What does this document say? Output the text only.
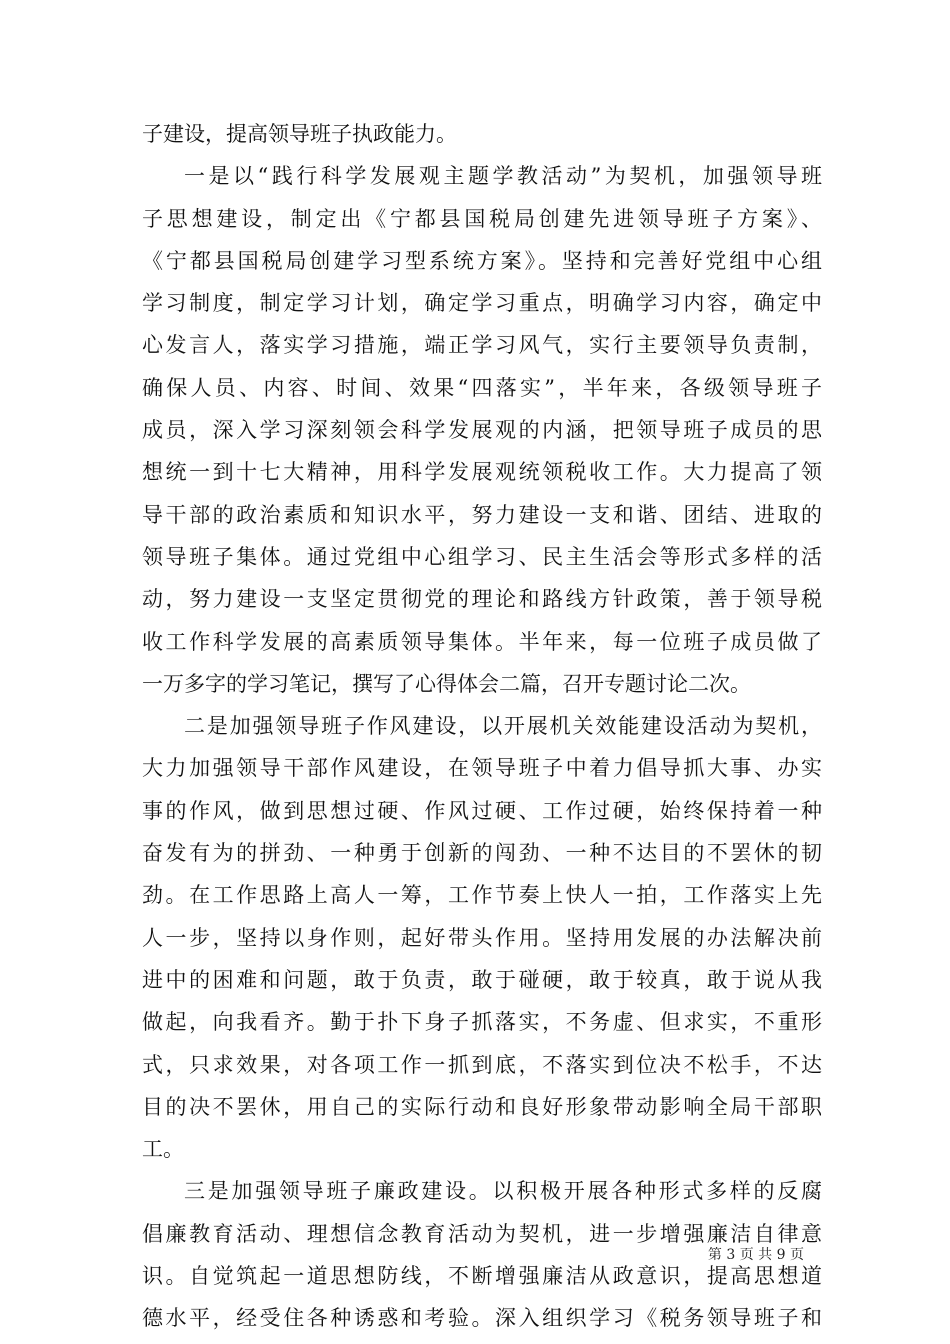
子建设，提高领导班子执政能力。
一是以“践行科学发展观主题学教活动”为契机，加强领导班
子思想建设，制定出《宁都县国税局创建先进领导班子方案》、
《宁都县国税局创建学习型系统方案》。坚持和完善好党组中心组
学习制度，制定学习计划，确定学习重点，明确学习内容，确定中
心发言人，落实学习措施，端正学习风气，实行主要领导负责制，
确保人员、内容、时间、效果“四落实”，半年来，各级领导班子
成员，深入学习深刻领会科学发展观的内涵，把领导班子成员的思
想统一到十七大精神，用科学发展观统领税收工作。大力提高了领
导干部的政治素质和知识水平，努力建设一支和谐、团结、进取的
领导班子集体。通过党组中心组学习、民主生活会等形式多样的活
动，努力建设一支坚定贯彻党的理论和路线方针政策，善于领导税
收工作科学发展的高素质领导集体。半年来，每一位班子成员做了
一万多字的学习笔记，撰写了心得体会二篇，召开专题讨论二次。
二是加强领导班子作风建设，以开展机关效能建设活动为契机，
大力加强领导干部作风建设，在领导班子中着力倡导抓大事、办实
事的作风，做到思想过硬、作风过硬、工作过硬，始终保持着一种
奋发有为的拼劲、一种勇于创新的闯劲、一种不达目的不罢休的韧
劲。在工作思路上高人一筹，工作节奏上快人一拍，工作落实上先
人一步，坚持以身作则，起好带头作用。坚持用发展的办法解决前
进中的困难和问题，敢于负责，敢于碰硬，敢于较真，敢于说从我
做起，向我看齐。勤于扑下身子抓落实，不务虚、但求实，不重形
式，只求效果，对各项工作一抓到底，不落实到位决不松手，不达
目的决不罢休，用自己的实际行动和良好形象带动影响全局干部职
工。
三是加强领导班子廉政建设。以积极开展各种形式多样的反腐
倡廉教育活动、理想信念教育活动为契机，进一步增强廉洁自律意
识。自觉筑起一道思想防线，不断增强廉洁从政意识，提高思想道
德水平，经受住各种诱惑和考验。深入组织学习《税务领导班子和
第 3 页 共 9 页
